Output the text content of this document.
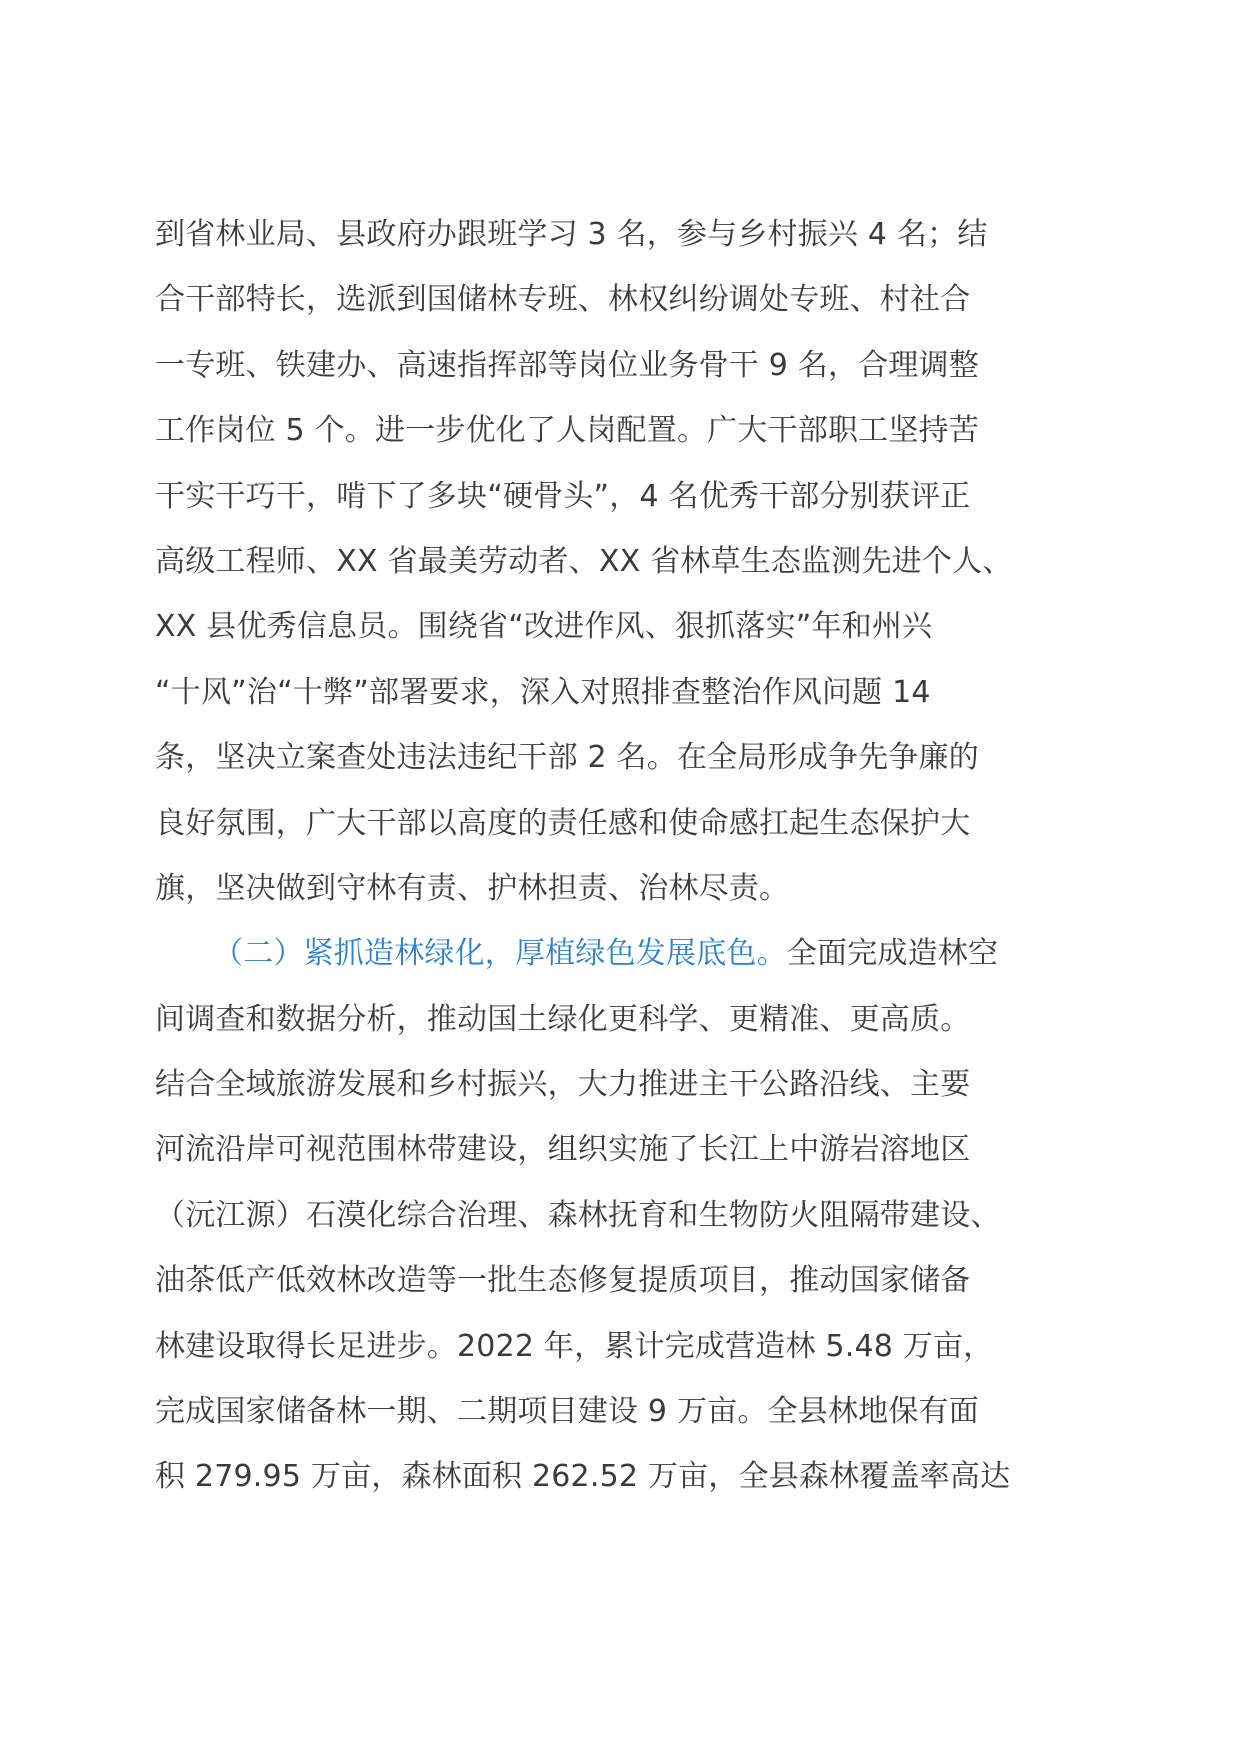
到省林业局、县政府办跟班学习 3 名，参与乡村振兴 4 名；结
合干部特长，选派到国储林专班、林权纠纷调处专班、村社合
一专班、铁建办、高速指挥部等岗位业务骨干 9 名，合理调整
工作岗位 5 个。进一步优化了人岗配置。广大干部职工坚持苦
干实干巧干，啃下了多块“硬骨头”，4 名优秀干部分别获评正
高级工程师、XX 省最美劳动者、XX 省林草生态监测先进个人、
XX 县优秀信息员。围绕省“改进作风、狠抓落实”年和州兴
“十风”治“十弊”部署要求，深入对照排查整治作风问题 14
条，坚决立案查处违法违纪干部 2 名。在全局形成争先争廉的
良好氛围，广大干部以高度的责任感和使命感扛起生态保护大
旗，坚决做到守林有责、护林担责、治林尽责。
（二）紧抓造林绿化，厚植绿色发展底色。全面完成造林空
间调查和数据分析，推动国土绿化更科学、更精准、更高质。
结合全域旅游发展和乡村振兴，大力推进主干公路沿线、主要
河流沿岸可视范围林带建设，组织实施了长江上中游岩溶地区
（沅江源）石漠化综合治理、森林抚育和生物防火阻隔带建设、
油茶低产低效林改造等一批生态修复提质项目，推动国家储备
林建设取得长足进步。2022 年，累计完成营造林 5.48 万亩，
完成国家储备林一期、二期项目建设 9 万亩。全县林地保有面
积 279.95 万亩，森林面积 262.52 万亩，全县森林覆盖率高达
